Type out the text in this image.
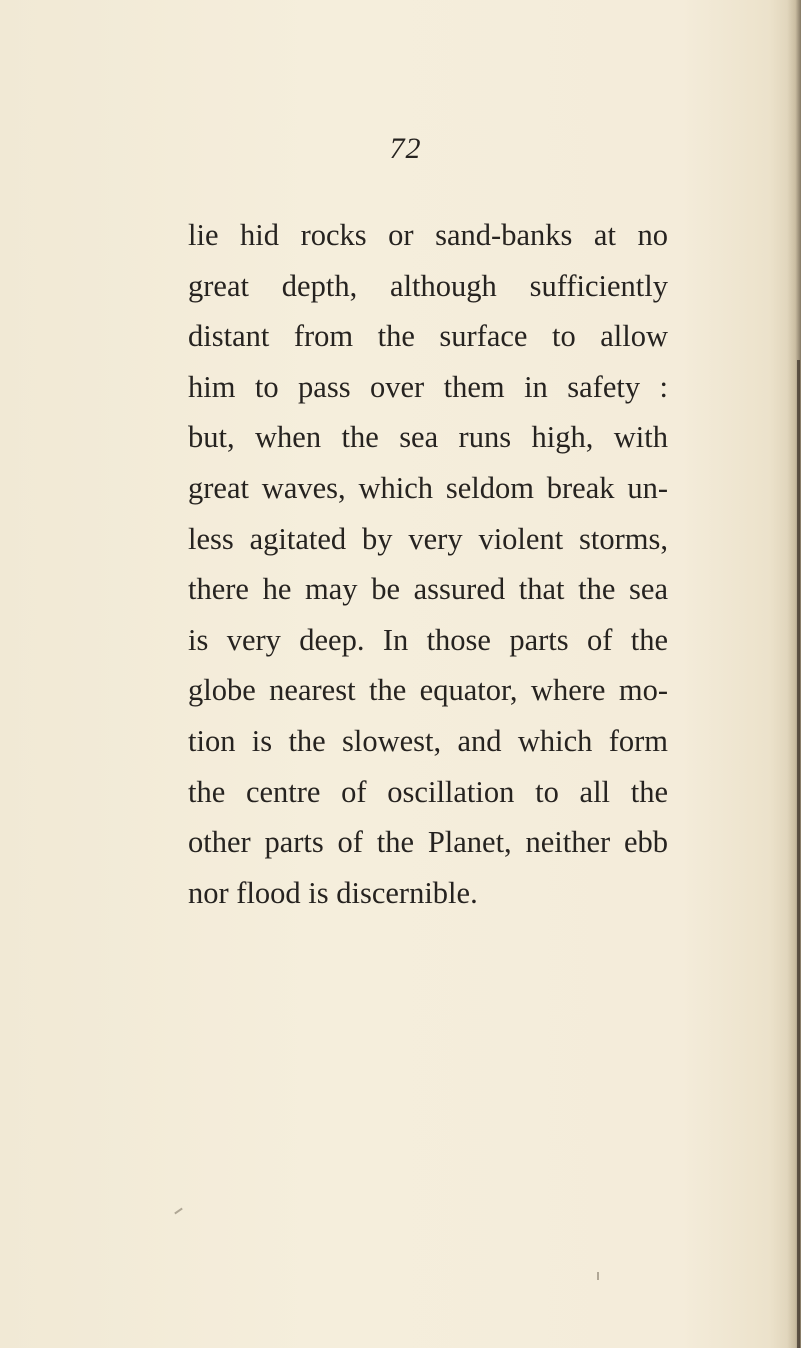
72
lie hid rocks or sand-banks at no
great depth, although sufficiently
distant from the surface to allow
him to pass over them in safety :
but, when the sea runs high, with
great waves, which seldom break un-
less agitated by very violent storms,
there he may be assured that the sea
is very deep. In those parts of the
globe nearest the equator, where mo-
tion is the slowest, and which form
the centre of oscillation to all the
other parts of the Planet, neither ebb
nor flood is discernible.
